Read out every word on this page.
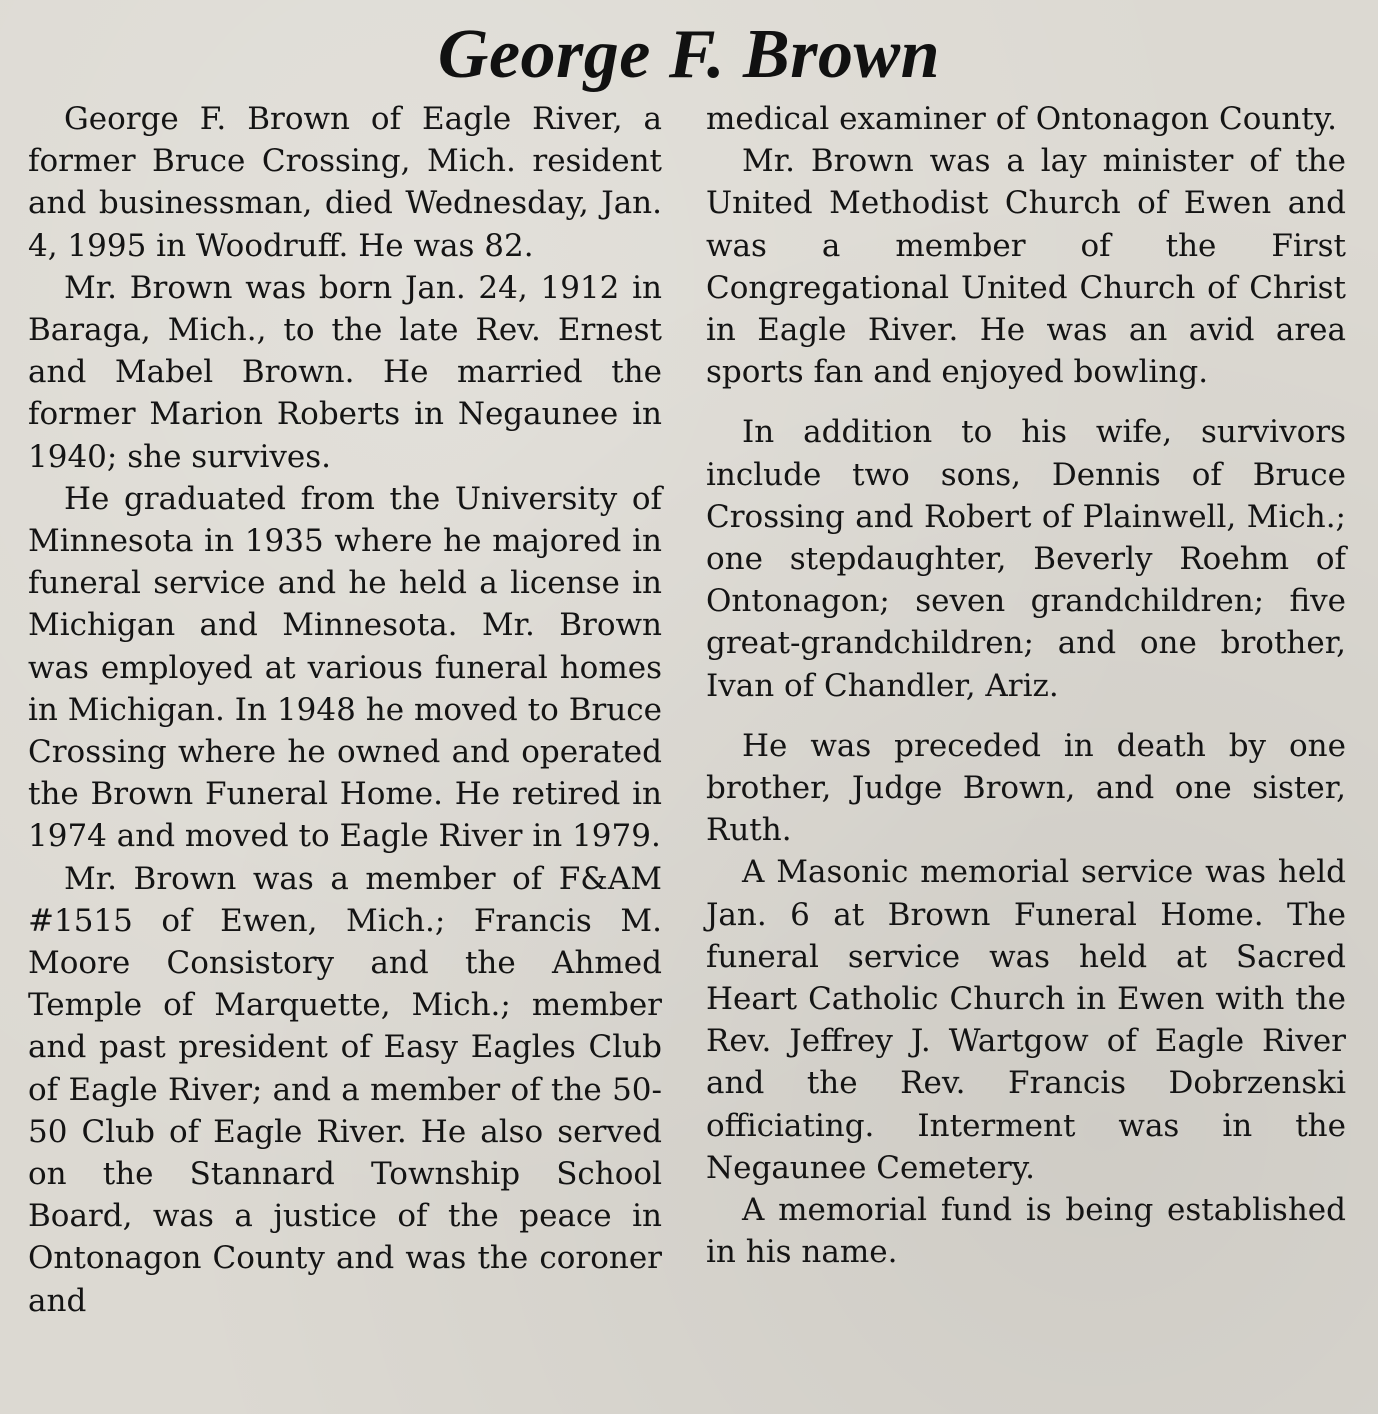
George F. Brown

George F. Brown of Eagle River, a former Bruce Crossing, Mich. resident and businessman, died Wednesday, Jan. 4, 1995 in Woodruff. He was 82.

Mr. Brown was born Jan. 24, 1912 in Baraga, Mich., to the late Rev. Ernest and Mabel Brown. He married the former Marion Roberts in Negaunee in 1940; she survives.

He graduated from the University of Minnesota in 1935 where he majored in funeral service and he held a license in Michigan and Minnesota. Mr. Brown was employed at various funeral homes in Michigan. In 1948 he moved to Bruce Crossing where he owned and operated the Brown Funeral Home. He retired in 1974 and moved to Eagle River in 1979.

Mr. Brown was a member of F&AM #1515 of Ewen, Mich.; Francis M. Moore Consistory and the Ahmed Temple of Marquette, Mich.; member and past president of Easy Eagles Club of Eagle River; and a member of the 50-50 Club of Eagle River. He also served on the Stannard Township School Board, was a justice of the peace in Ontonagon County and was the coroner and

medical examiner of Ontonagon County.

Mr. Brown was a lay minister of the United Methodist Church of Ewen and was a member of the First Congregational United Church of Christ in Eagle River. He was an avid area sports fan and enjoyed bowling.

In addition to his wife, survivors include two sons, Dennis of Bruce Crossing and Robert of Plainwell, Mich.; one stepdaughter, Beverly Roehm of Ontonagon; seven grandchildren; five great-grandchildren; and one brother, Ivan of Chandler, Ariz.

He was preceded in death by one brother, Judge Brown, and one sister, Ruth.

A Masonic memorial service was held Jan. 6 at Brown Funeral Home. The funeral service was held at Sacred Heart Catholic Church in Ewen with the Rev. Jeffrey J. Wartgow of Eagle River and the Rev. Francis Dobrzenski officiating. Interment was in the Negaunee Cemetery.

A memorial fund is being established in his name.
